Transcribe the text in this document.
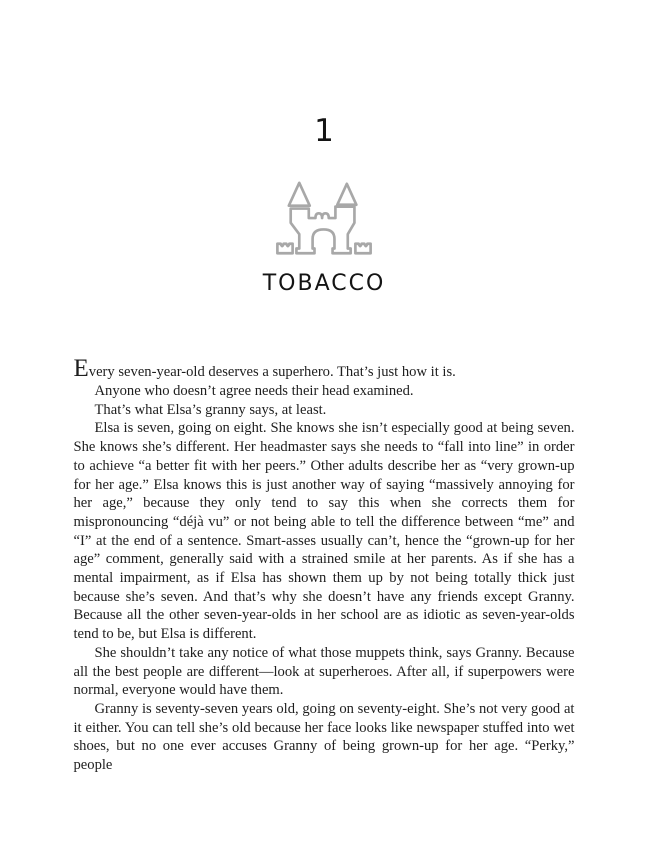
1
TOBACCO

Every seven-year-old deserves a superhero. That’s just how it is.

Anyone who doesn’t agree needs their head examined.

That’s what Elsa’s granny says, at least.

Elsa is seven, going on eight. She knows she isn’t especially good at being seven. She knows she’s different. Her headmaster says she needs to “fall into line” in order to achieve “a better fit with her peers.” Other adults describe her as “very grown-up for her age.” Elsa knows this is just another way of saying “massively annoying for her age,” because they only tend to say this when she corrects them for mispronouncing “déjà vu” or not being able to tell the difference between “me” and “I” at the end of a sentence. Smart-asses usually can’t, hence the “grown-up for her age” comment, generally said with a strained smile at her parents. As if she has a mental impairment, as if Elsa has shown them up by not being totally thick just because she’s seven. And that’s why she doesn’t have any friends except Granny. Because all the other seven-year-olds in her school are as idiotic as seven-year-olds tend to be, but Elsa is different.

She shouldn’t take any notice of what those muppets think, says Granny. Because all the best people are different—look at superheroes. After all, if superpowers were normal, everyone would have them.

Granny is seventy-seven years old, going on seventy-eight. She’s not very good at it either. You can tell she’s old because her face looks like newspaper stuffed into wet shoes, but no one ever accuses Granny of being grown-up for her age. “Perky,” people
